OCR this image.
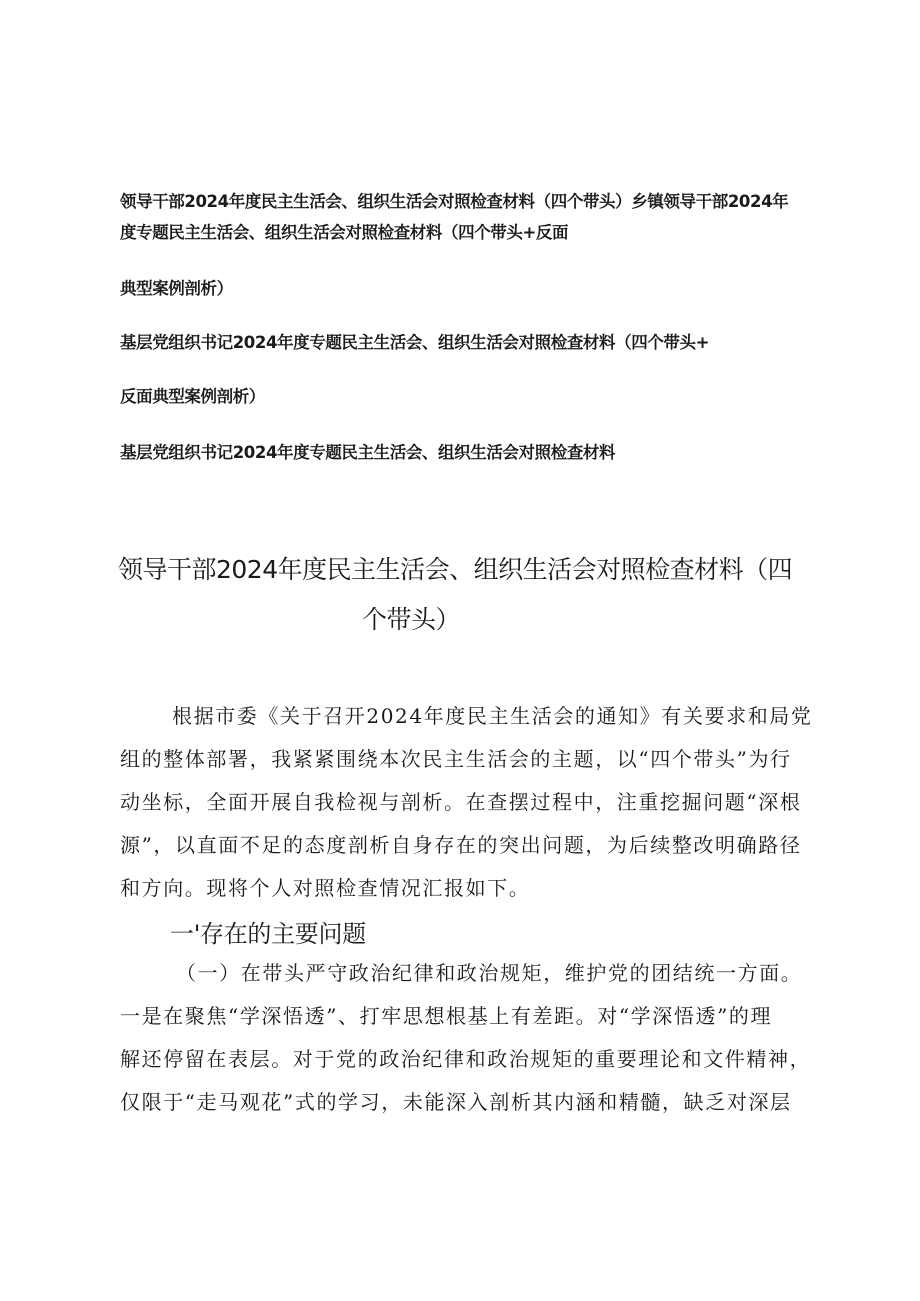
领导干部2024年度民主生活会、组织生活会对照检查材料（四个带头）乡镇领导干部2024年
度专题民主生活会、组织生活会对照检查材料（四个带头+反面
典型案例剖析）
基层党组织书记2024年度专题民主生活会、组织生活会对照检查材料（四个带头+
反面典型案例剖析）
基层党组织书记2024年度专题民主生活会、组织生活会对照检查材料
领导干部2024年度民主生活会、组织生活会对照检查材料（四
个带头）
根据市委《关于召开2024年度民主生活会的通知》有关要求和局党
组的整体部署，我紧紧围绕本次民主生活会的主题，以“四个带头”为行
动坐标，全面开展自我检视与剖析。在查摆过程中，注重挖掘问题“深根
源”，以直面不足的态度剖析自身存在的突出问题，为后续整改明确路径
和方向。现将个人对照检查情况汇报如下。
一'存在的主要问题
（一）在带头严守政治纪律和政治规矩，维护党的团结统一方面。
一是在聚焦“学深悟透”、打牢思想根基上有差距。对“学深悟透”的理
解还停留在表层。对于党的政治纪律和政治规矩的重要理论和文件精神，
仅限于“走马观花”式的学习，未能深入剖析其内涵和精髓，缺乏对深层
